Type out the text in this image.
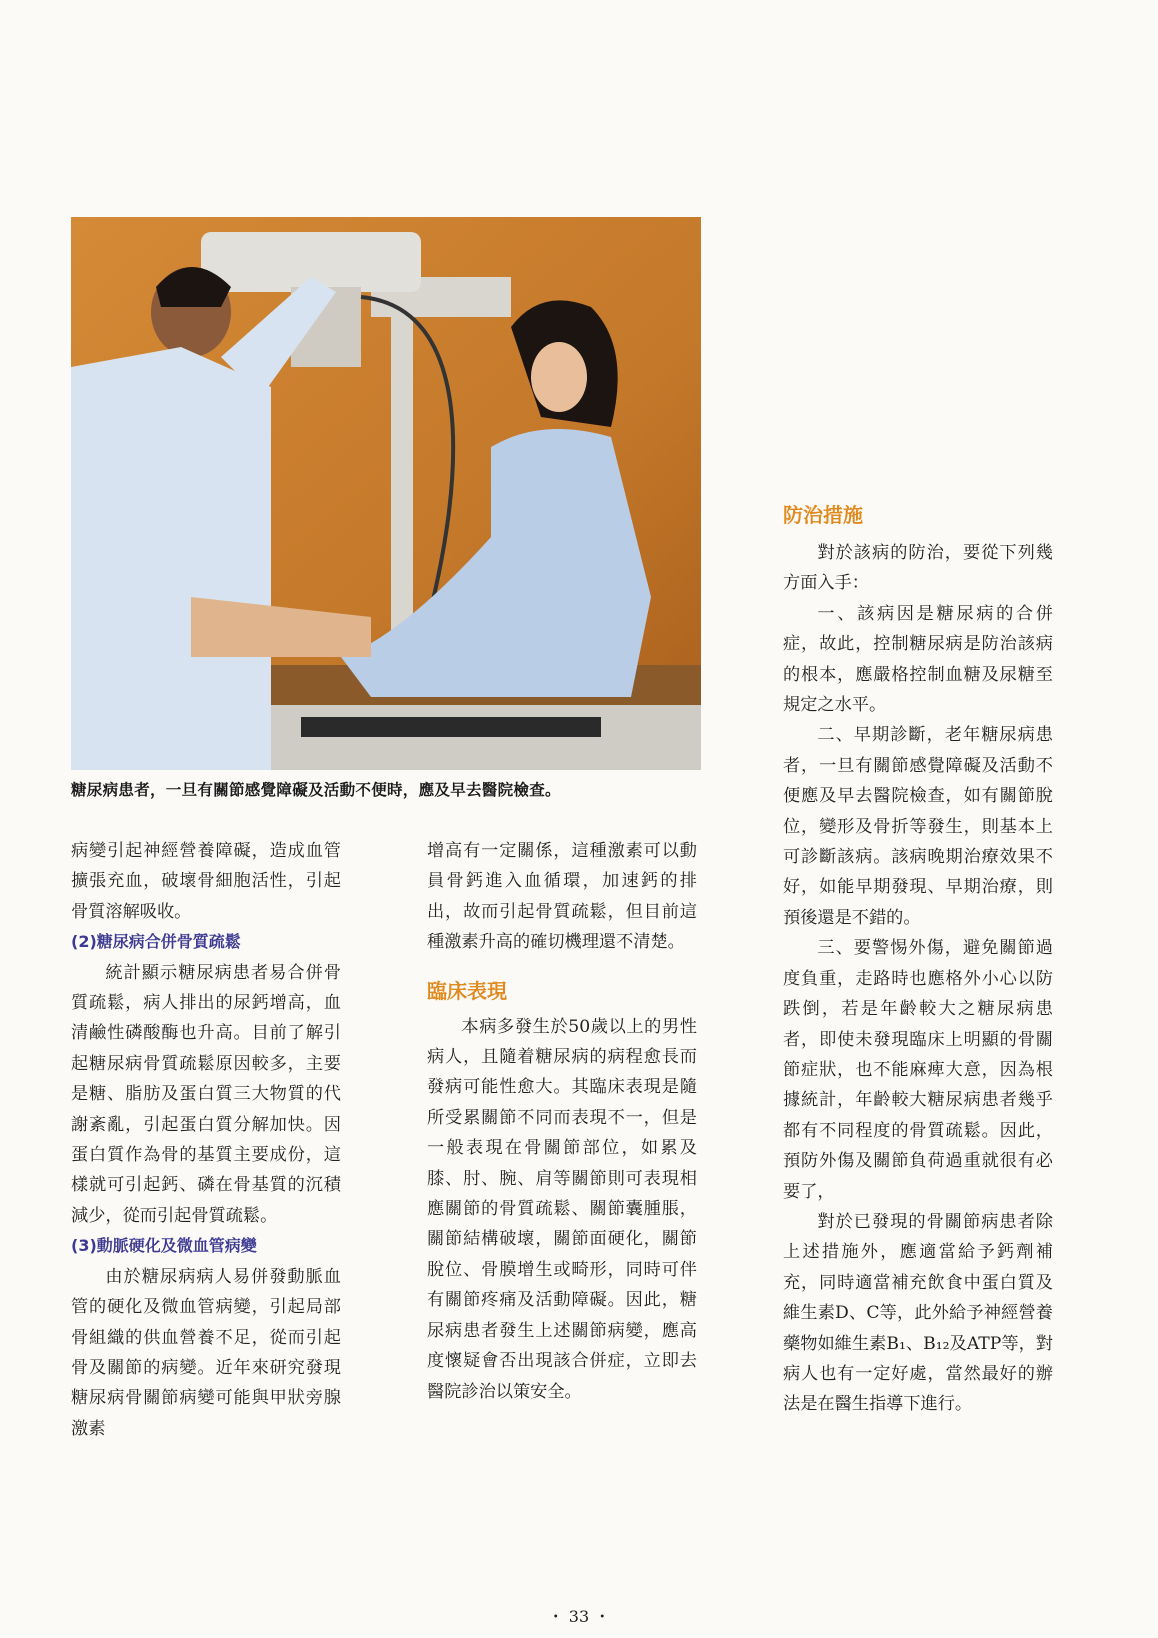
糖尿病患者，一旦有關節感覺障礙及活動不便時，應及早去醫院檢查。

病變引起神經營養障礙，造成血管擴張充血，破壞骨細胞活性，引起骨質溶解吸收。

(2)糖尿病合併骨質疏鬆

統計顯示糖尿病患者易合併骨質疏鬆，病人排出的尿鈣增高，血清鹼性磷酸酶也升高。目前了解引起糖尿病骨質疏鬆原因較多，主要是糖、脂肪及蛋白質三大物質的代謝紊亂，引起蛋白質分解加快。因蛋白質作為骨的基質主要成份，這樣就可引起鈣、磷在骨基質的沉積減少，從而引起骨質疏鬆。

(3)動脈硬化及微血管病變

由於糖尿病病人易併發動脈血管的硬化及微血管病變，引起局部骨組織的供血營養不足，從而引起骨及關節的病變。近年來研究發現糖尿病骨關節病變可能與甲狀旁腺激素

增高有一定關係，這種激素可以動員骨鈣進入血循環，加速鈣的排出，故而引起骨質疏鬆，但目前這種激素升高的確切機理還不清楚。

臨床表現

本病多發生於50歲以上的男性病人，且隨着糖尿病的病程愈長而發病可能性愈大。其臨床表現是隨所受累關節不同而表現不一，但是一般表現在骨關節部位，如累及膝、肘、腕、肩等關節則可表現相應關節的骨質疏鬆、關節囊腫脹，關節結構破壞，關節面硬化，關節脫位、骨膜增生或畸形，同時可伴有關節疼痛及活動障礙。因此，糖尿病患者發生上述關節病變，應高度懷疑會否出現該合併症，立即去醫院診治以策安全。

防治措施

對於該病的防治，要從下列幾方面入手：

一、該病因是糖尿病的合併症，故此，控制糖尿病是防治該病的根本，應嚴格控制血糖及尿糖至規定之水平。

二、早期診斷，老年糖尿病患者，一旦有關節感覺障礙及活動不便應及早去醫院檢查，如有關節脫位，變形及骨折等發生，則基本上可診斷該病。該病晚期治療效果不好，如能早期發現、早期治療，則預後還是不錯的。

三、要警惕外傷，避免關節過度負重，走路時也應格外小心以防跌倒，若是年齡較大之糖尿病患者，即使未發現臨床上明顯的骨關節症狀，也不能麻痺大意，因為根據統計，年齡較大糖尿病患者幾乎都有不同程度的骨質疏鬆。因此，預防外傷及關節負荷過重就很有必要了，

對於已發現的骨關節病患者除上述措施外，應適當給予鈣劑補充，同時適當補充飲食中蛋白質及維生素D、C等，此外給予神經營養藥物如維生素B₁、B₁₂及ATP等，對病人也有一定好處，當然最好的辦法是在醫生指導下進行。

・ 33 ・
